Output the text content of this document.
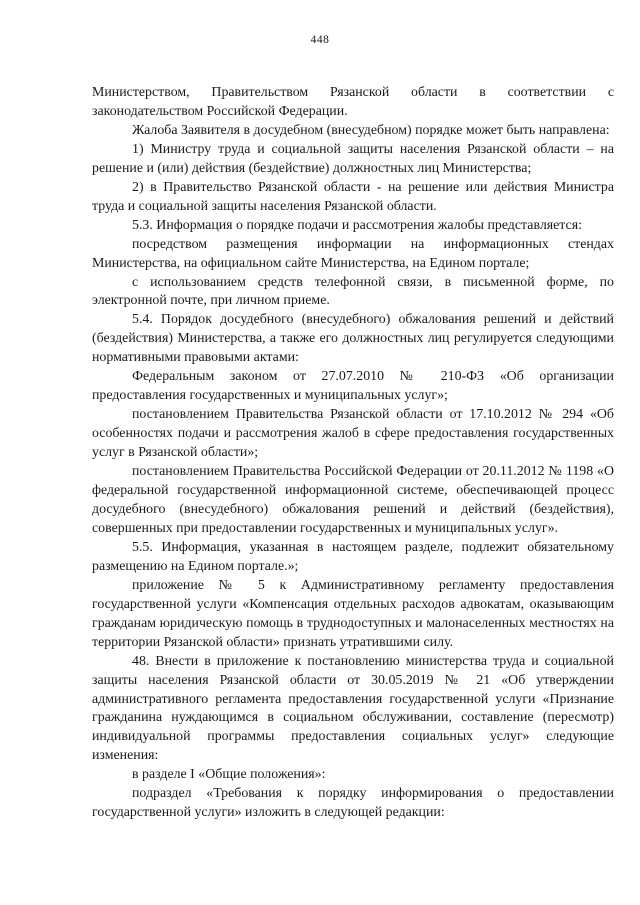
448

Министерством, Правительством Рязанской области в соответствии с законодательством Российской Федерации.

Жалоба Заявителя в досудебном (внесудебном) порядке может быть направлена:

1) Министру труда и социальной защиты населения Рязанской области – на решение и (или) действия (бездействие) должностных лиц Министерства;

2) в Правительство Рязанской области - на решение или действия Министра труда и социальной защиты населения Рязанской области.

5.3. Информация о порядке подачи и рассмотрения жалобы представляется:

посредством размещения информации на информационных стендах Министерства, на официальном сайте Министерства, на Едином портале;

с использованием средств телефонной связи, в письменной форме, по электронной почте, при личном приеме.

5.4. Порядок досудебного (внесудебного) обжалования решений и действий (бездействия) Министерства, а также его должностных лиц регулируется следующими нормативными правовыми актами:

Федеральным законом от 27.07.2010 № 210-ФЗ «Об организации предоставления государственных и муниципальных услуг»;

постановлением Правительства Рязанской области от 17.10.2012 № 294 «Об особенностях подачи и рассмотрения жалоб в сфере предоставления государственных услуг в Рязанской области»;

постановлением Правительства Российской Федерации от 20.11.2012 № 1198 «О федеральной государственной информационной системе, обеспечивающей процесс досудебного (внесудебного) обжалования решений и действий (бездействия), совершенных при предоставлении государственных и муниципальных услуг».

5.5. Информация, указанная в настоящем разделе, подлежит обязательному размещению на Едином портале.»;

приложение № 5 к Административному регламенту предоставления государственной услуги «Компенсация отдельных расходов адвокатам, оказывающим гражданам юридическую помощь в труднодоступных и малонаселенных местностях на территории Рязанской области» признать утратившими силу.

48. Внести в приложение к постановлению министерства труда и социальной защиты населения Рязанской области от 30.05.2019 № 21 «Об утверждении административного регламента предоставления государственной услуги «Признание гражданина нуждающимся в социальном обслуживании, составление (пересмотр) индивидуальной программы предоставления социальных услуг» следующие изменения:

в разделе I «Общие положения»:

подраздел «Требования к порядку информирования о предоставлении государственной услуги» изложить в следующей редакции:
